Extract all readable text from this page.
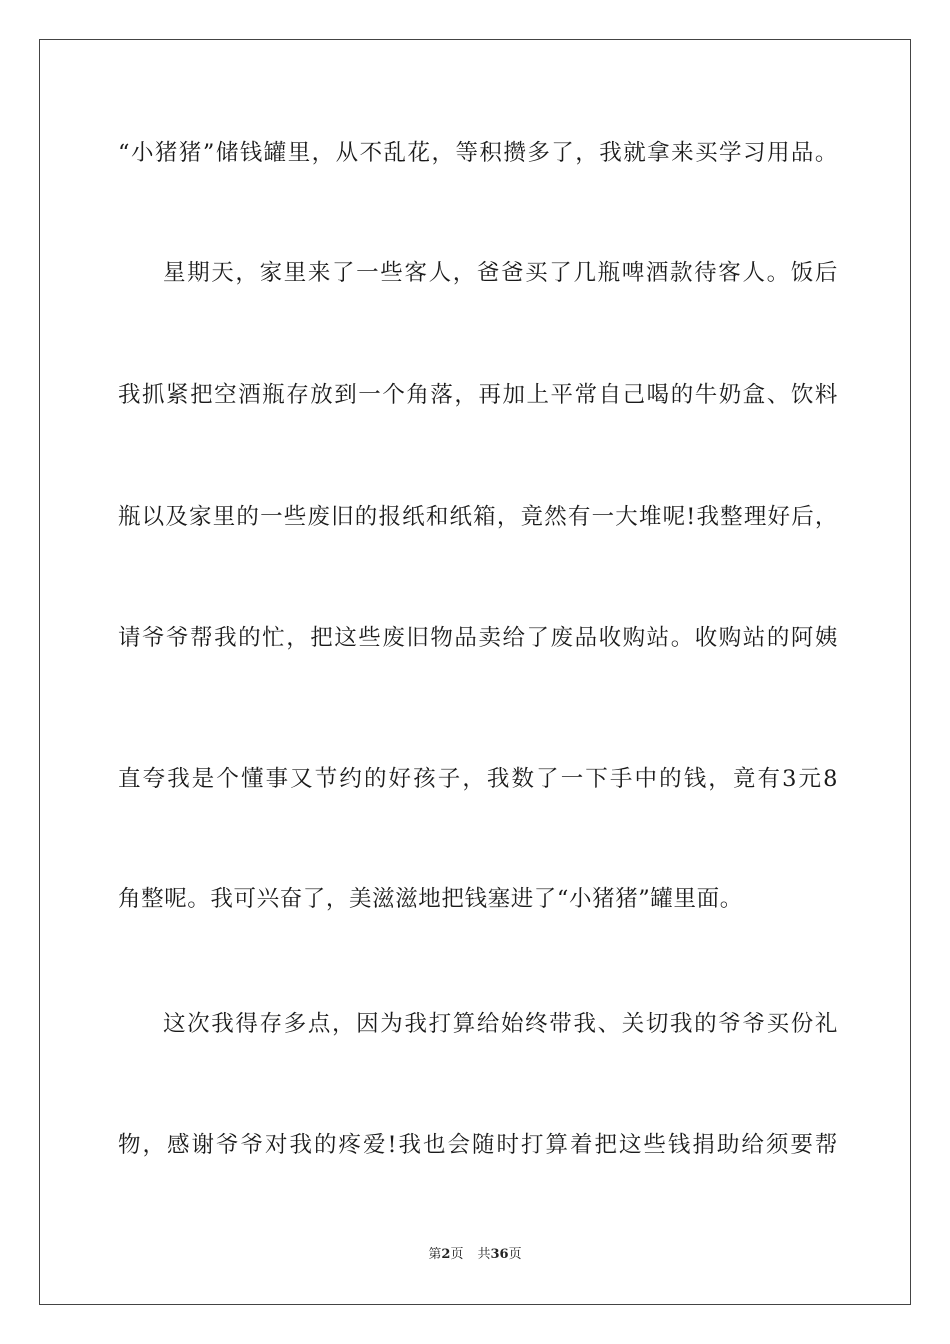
“小猪猪”储钱罐里，从不乱花，等积攒多了，我就拿来买学习用品。
星期天，家里来了一些客人，爸爸买了几瓶啤酒款待客人。饭后
我抓紧把空酒瓶存放到一个角落，再加上平常自己喝的牛奶盒、饮料
瓶以及家里的一些废旧的报纸和纸箱，竟然有一大堆呢!我整理好后，
请爷爷帮我的忙，把这些废旧物品卖给了废品收购站。收购站的阿姨
直夸我是个懂事又节约的好孩子，我数了一下手中的钱，竟有3元8
角整呢。我可兴奋了，美滋滋地把钱塞进了“小猪猪”罐里面。
这次我得存多点，因为我打算给始终带我、关切我的爷爷买份礼
物，感谢爷爷对我的疼爱!我也会随时打算着把这些钱捐助给须要帮
第2页 共36页
